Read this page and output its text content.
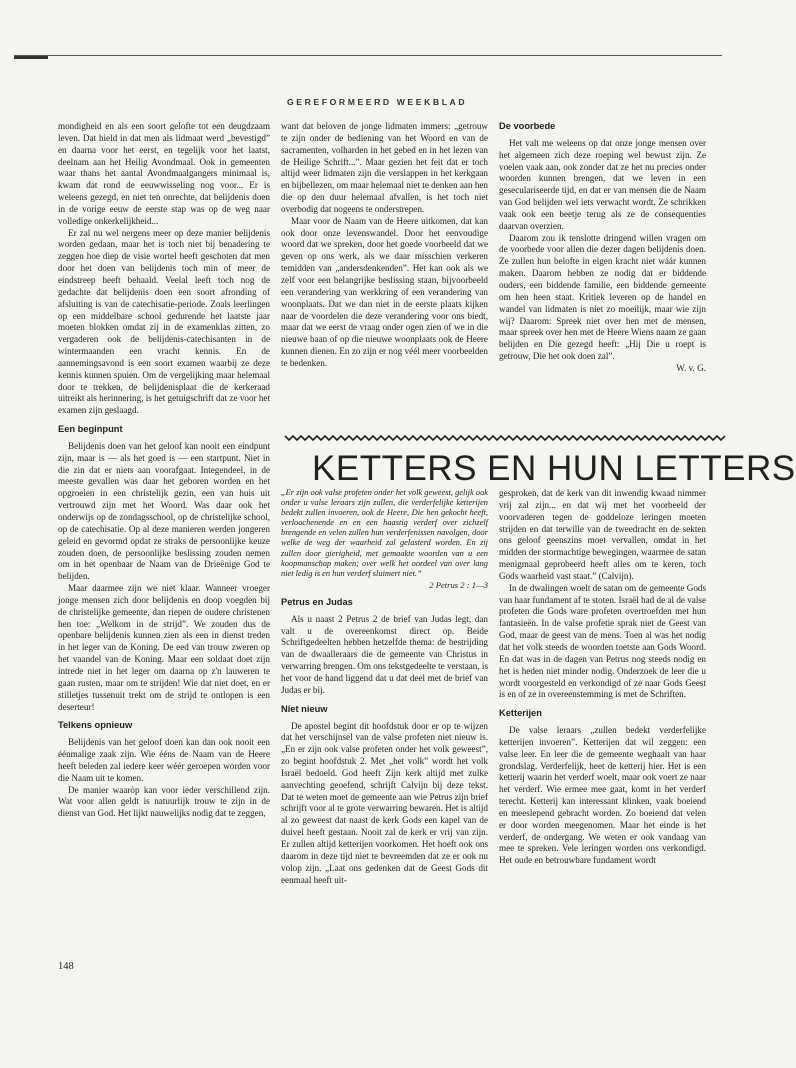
GEREFORMEERD WEEKBLAD

mondigheid en als een soort gelofte tot een deugdzaam leven. Dat hield in dat men als lidmaat werd „bevestigd” en daarna voor het eerst, en tegelijk voor het laatst, deelnam aan het Heilig Avondmaal. Ook in gemeenten waar thans het aantal Avondmaalgangers minimaal is, kwam dat rond de eeuwwisseling nog voor... Er is weleens gezegd, en niet ten onrechte, dat belijdenis doen in de vorige eeuw de eerste stap was op de weg naar volledige onkerkelijkheid...

Er zal nu wel nergens meer op deze manier belijdenis worden gedaan, maar het is toch niet bij benadering te zeggen hoe diep de visie wortel heeft geschoten dat men door het doen van belijdenis toch min of meer de eindstreep heeft behaald. Veelal leeft toch nog de gedachte dat belijdenis doen een soort afronding of afsluiting is van de catechisatie-periode. Zoals leerlingen op een middelbare school gedurende het laatste jaar moeten blokken omdat zij in de examenklas zitten, zo vergaderen ook de belijdenis-catechisanten in de wintermaanden een vracht kennis. En de aannemingsavond is een soort examen waarbij ze deze kennis kunnen spuien. Om de vergelijking maar helemaal door te trekken, de belijdenisplaat die de kerkeraad uitreikt als herinnering, is het getuigschrift dat ze voor het examen zijn geslaagd.

Een beginpunt

Belijdenis doen van het geloof kan nooit een eindpunt zijn, maar is — als het goed is — een startpunt. Niet in die zin dat er niets aan voorafgaat. Integendeel, in de meeste gevallen was daar het geboren worden en het opgroeien in een christelijk gezin, een van huis uit vertrouwd zijn met het Woord. Was daar ook het onderwijs op de zondagsschool, op de christelijke school, op de catechisatie. Op al deze manieren werden jongeren geleid en gevormd opdat ze straks de persoonlijke keuze zouden doen, de persoonlijke beslissing zouden nemen om in het openbaar de Naam van de Drieënige God te belijden.

Maar daarmee zijn we niet klaar. Wanneer vroeger jonge mensen zich door belijdenis en doop voegden bij de christelijke gemeente, dan riepen de oudere christenen hen toe: „Welkom in de strijd”. We zouden dus de openbare belijdenis kunnen zien als een in dienst treden in het leger van de Koning. De eed van trouw zweren op het vaandel van de Koning. Maar een soldaat doet zijn intrede niet in het leger om daarna op z'n lauweren te gaan rusten, maar om te strijden! Wie dat niet doet, en er stilletjes tussenuit trekt om de strijd te ontlopen is een deserteur!

Telkens opnieuw

Belijdenis van het geloof doen kan dan ook nooit een éénmalige zaak zijn. Wie ééns de Naam van de Heere heeft beleden zal iedere keer wéér geroepen worden voor die Naam uit te komen.

De manier waaròp kan voor ieder verschillend zijn. Wat voor allen geldt is natuurlijk trouw te zijn in de dienst van God. Het lijkt nauwelijks nodig dat te zeggen,

want dat beloven de jonge lidmaten immers: „getrouw te zijn onder de bediening van het Woord en van de sacramenten, volharden in het gebed en in het lezen van de Heilige Schrift...”. Maar gezien het feit dat er toch altijd weer lidmaten zijn die verslappen in het kerkgaan en bijbellezen, om maar helemaal niet te denken aan hen die op den duur helemaal afvallen, is het toch niet overbodig dat nogeens te onderstrepen.

Maar voor de Naam van de Heere uitkomen, dat kan ook door onze levenswandel. Door het eenvoudige woord dat we spreken, door het goede voorbeeld dat we geven op ons werk, als we daar misschien verkeren temidden van „andersdenkenden”. Het kan ook als we zelf voor een belangrijke beslissing staan, bijvoorbeeld een verandering van werkkring of een verandering van woonplaats. Dat we dan niet in de eerste plaats kijken naar de voordelen die deze verandering voor ons biedt, maar dat we eerst de vraag onder ogen zien of we in die nieuwe baan of op die nieuwe woonplaats ook de Heere kunnen dienen. En zo zijn er nog véél meer voorbeelden te bedenken.

De voorbede

Het valt me weleens op dat onze jonge mensen over het algemeen zich deze roeping wel bewust zijn. Ze voelen vaak aan, ook zonder dat ze het nu precies onder woorden kunnen brengen, dat we leven in een geseculariseerde tijd, en dat er van mensen die de Naam van God belijden wel iets verwacht wordt. Ze schrikken vaak ook een beetje terug als ze de consequenties daarvan overzien.

Daarom zou ik tenslotte dringend willen vragen om de voorbede voor allen die dezer dagen belijdenis doen. Ze zullen hun belofte in eigen kracht niet wáár kunnen maken. Daarom hebben ze nodig dat er biddende ouders, een biddende familie, een biddende gemeente om hen heen staat. Kritiek leveren op de handel en wandel van lidmaten is niet zo moeilijk, maar wie zijn wij? Daarom: Spreek niet over hen met de mensen, maar spreek over hen met de Heere Wiens naam ze gaan belijden en Die gezegd heeft: „Hij Die u roept is getrouw, Die het ook doen zal”.

W. v. G.
KETTERS EN HUN LETTERS

„Er zijn ook valse profeten onder het volk geweest, gelijk ook onder u valse leraars zijn zullen, die verderfelijke ketterijen bedekt zullen invoeren, ook de Heere, Die hen gekocht heeft, verloochenende en en een haastig verderf over zichzelf brengende en velen zullen hun verderfenissen navolgen, door welke de weg der waarheid zal gelasterd worden. En zij zullen door gierigheid, met gemaakte woorden van u een koopmanschap maken; over welk het oordeel van over lang niet ledig is en hun verderf sluimert niet.”

2 Petrus 2 : 1—3
Petrus en Judas

Als u naast 2 Petrus 2 de brief van Judas legt, dan valt u de overeenkomst direct op. Beide Schriftgedeelten hebben hetzelfde thema: de bestrijding van de dwaalleraars die de gemeente van Christus in verwarring brengen. Om ons tekstgedeelte te verstaan, is het voor de hand liggend dat u dat deel met de brief van Judas er bij.

Niet nieuw

De apostel begint dit hoofdstuk door er op te wijzen dat het verschijnsel van de valse profeten niet nieuw is. „En er zijn ook valse profeten onder het volk geweest”, zo begint hoofdstuk 2. Met „het volk” wordt het volk Israël bedoeld. God heeft Zijn kerk altijd met zulke aanvechting geoefend, schrijft Calvijn bij deze tekst. Dat te weten moet de gemeente aan wie Petrus zijn brief schrijft voor al te grote verwarring bewaren. Het is altijd al zo geweest dat naast de kerk Gods een kapel van de duivel heeft gestaan. Nooit zal de kerk er vrij van zijn. Er zullen altijd ketterijen voorkomen. Het hoeft ook ons daarom in deze tijd niet te bevreemden dat ze er ook nu volop zijn. „Laat ons gedenken dat de Geest Gods dit eenmaal heeft uit-

gesproken, dat de kerk van dit inwendig kwaad nimmer vrij zal zijn... en dat wij met het voorbeeld der voorvaderen tegen de goddeloze leringen moeten strijden en dat terwille van de tweedracht en de sekten ons geloof geenszins moet vervallen, omdat in het midden der stormachtige bewegingen, waarmee de satan menigmaal geprobeerd heeft alles om te keren, toch Gods waarheid vast staat.” (Calvijn).

In de dwalingen woelt de satan om de gemeente Gods van haar fundament af te stoten. Israël had de al de valse profeten die Gods ware profeten overtroefden met hun fantasieën. In de valse profetie sprak niet de Geest van God, maar de geest van de mens. Toen al was het nodig dat het volk steeds de woorden toetste aan Gods Woord. En dat was in de dagen van Petrus nog steeds nodig en het is heden niet minder nodig. Onderzoek de leer die u wordt voorgesteld en verkondigd of ze naar Gods Geest is en of ze in overeenstemming is met de Schriften.

Ketterijen

De valse leraars „zullen bedekt verderfelijke ketterijen invoeren”. Ketterijen dat wil zeggen: een valse leer. En leer die de gemeente weghaalt van haar grondslag. Verderfelijk, heet de ketterij hier. Het is een ketterij waarin het verderf woelt, maar ook voert ze naar het verderf. Wie ermee mee gaat, komt in het verderf terecht. Ketterij kan interessant klinken, vaak boeiend en meeslepend gebracht worden. Zo boeiend dat velen er door worden meegenomen. Maar het einde is het verderf, de ondergang. We weten er ook vandaag van mee te spreken. Vele leringen worden ons verkondigd. Het oude en betrouwbare fundament wordt

148
